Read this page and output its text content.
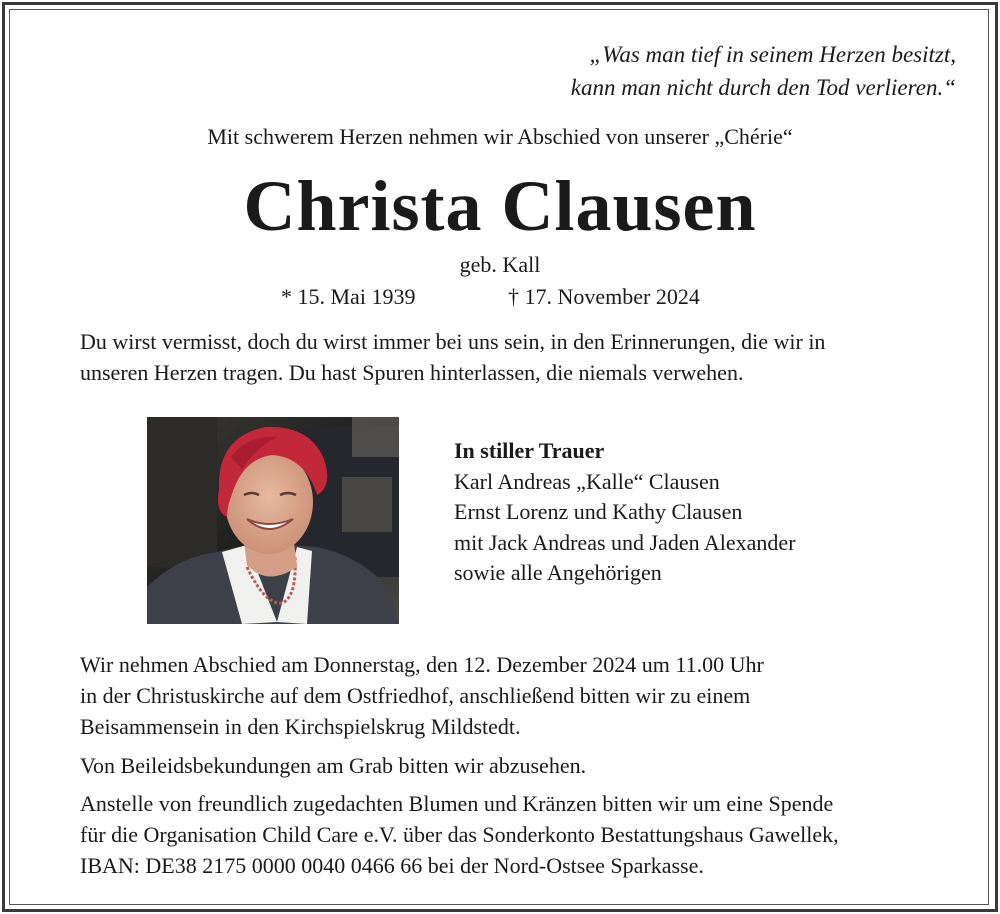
„Was man tief in seinem Herzen besitzt,
kann man nicht durch den Tod verlieren.“
Mit schwerem Herzen nehmen wir Abschied von unserer „Chérie“
Christa Clausen
geb. Kall
* 15. Mai 1939	† 17. November 2024
Du wirst vermisst, doch du wirst immer bei uns sein, in den Erinnerungen, die wir in
unseren Herzen tragen. Du hast Spuren hinterlassen, die niemals verwehen.
In stiller Trauer
Karl Andreas „Kalle“ Clausen
Ernst Lorenz und Kathy Clausen
mit Jack Andreas und Jaden Alexander
sowie alle Angehörigen
Wir nehmen Abschied am Donnerstag, den 12. Dezember 2024 um 11.00 Uhr
in der Christuskirche auf dem Ostfriedhof, anschließend bitten wir zu einem
Beisammensein in den Kirchspielskrug Mildstedt.
Von Beileidsbekundungen am Grab bitten wir abzusehen.
Anstelle von freundlich zugedachten Blumen und Kränzen bitten wir um eine Spende
für die Organisation Child Care e.V. über das Sonderkonto Bestattungshaus Gawellek,
IBAN: DE38 2175 0000 0040 0466 66 bei der Nord-Ostsee Sparkasse.
